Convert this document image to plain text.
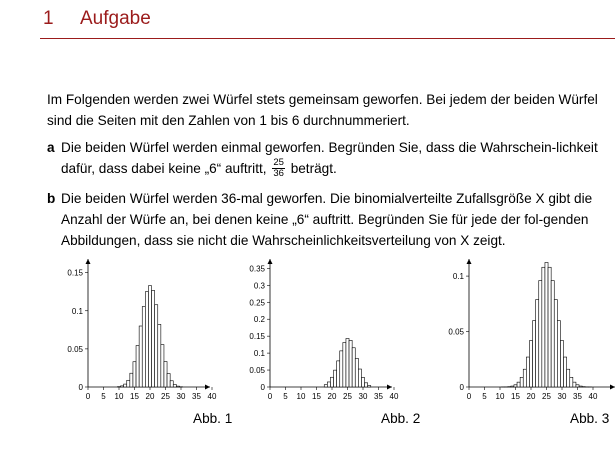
1 Aufgabe
Im Folgenden werden zwei Würfel stets gemeinsam geworfen. Bei jedem der beiden Würfel sind die Seiten mit den Zahlen von 1 bis 6 durchnummeriert.
a Die beiden Würfel werden einmal geworfen. Begründen Sie, dass die Wahrschein-lichkeit dafür, dass dabei keine „6“ auftritt, $\frac{25}{36}$ beträgt.
b Die beiden Würfel werden 36-mal geworfen. Die binomialverteilte Zufallsgröße X gibt die Anzahl der Würfe an, bei denen keine „6“ auftritt. Begründen Sie für jede der fol-genden Abbildungen, dass sie nicht die Wahrscheinlichkeitsverteilung von X zeigt.
0 5 10 15 20 25 30 35 40
0
0.05
0.1
0.15
0 5 10 15 20 25 30 35 40
0
0.05
0.1
0.15
0.2
0.25
0.3
0.35
0 5 10 15 20 25 30 35 40
0
0.05
0.1
Abb. 1	Abb. 2	Abb. 3
